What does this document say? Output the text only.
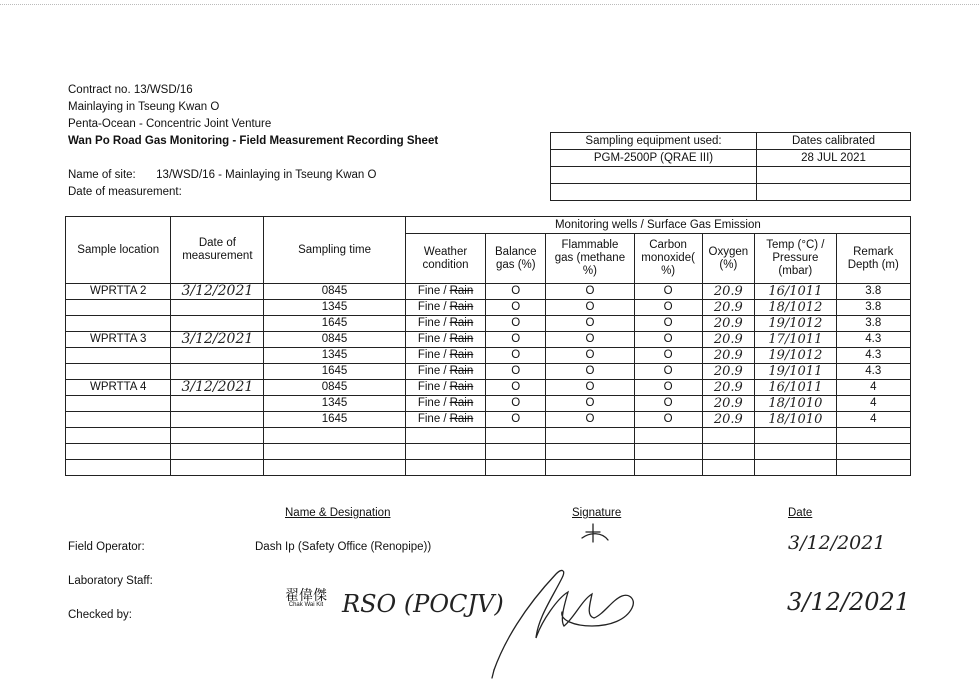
Contract no. 13/WSD/16
Mainlaying in Tseung Kwan O
Penta-Ocean - Concentric Joint Venture
Wan Po Road Gas Monitoring - Field Measurement Recording Sheet
Name of site: 13/WSD/16 - Mainlaying in Tseung Kwan O
Date of measurement:
Sampling equipment used:	Dates calibrated
PGM-2500P (QRAE III)	28 JUL 2021

Sample location	Date of measurement	Sampling time	Monitoring wells / Surface Gas Emission						
			Weather condition	Balance gas (%)	Flammable gas (methane %)	Carbon monoxide( %)	Oxygen (%)	Temp (°C) / Pressure (mbar)	Remark Depth (m)
WPRTTA 2	3/12/2021	0845	Fine / Rain	O	O	O	20.9	16/1011	3.8
		1345	Fine / Rain	O	O	O	20.9	18/1012	3.8
		1645	Fine / Rain	O	O	O	20.9	19/1012	3.8
WPRTTA 3	3/12/2021	0845	Fine / Rain	O	O	O	20.9	17/1011	4.3
		1345	Fine / Rain	O	O	O	20.9	19/1012	4.3
		1645	Fine / Rain	O	O	O	20.9	19/1011	4.3
WPRTTA 4	3/12/2021	0845	Fine / Rain	O	O	O	20.9	16/1011	4
		1345	Fine / Rain	O	O	O	20.9	18/1010	4
		1645	Fine / Rain	O	O	O	20.9	18/1010	4

Name & Designation	Signature	Date
Field Operator:	Dash Ip (Safety Office (Renopipe))	3/12/2021
Laboratory Staff:
Checked by:
翟偉傑
Chak Wai Kit RSO (POCJV)	3/12/2021
